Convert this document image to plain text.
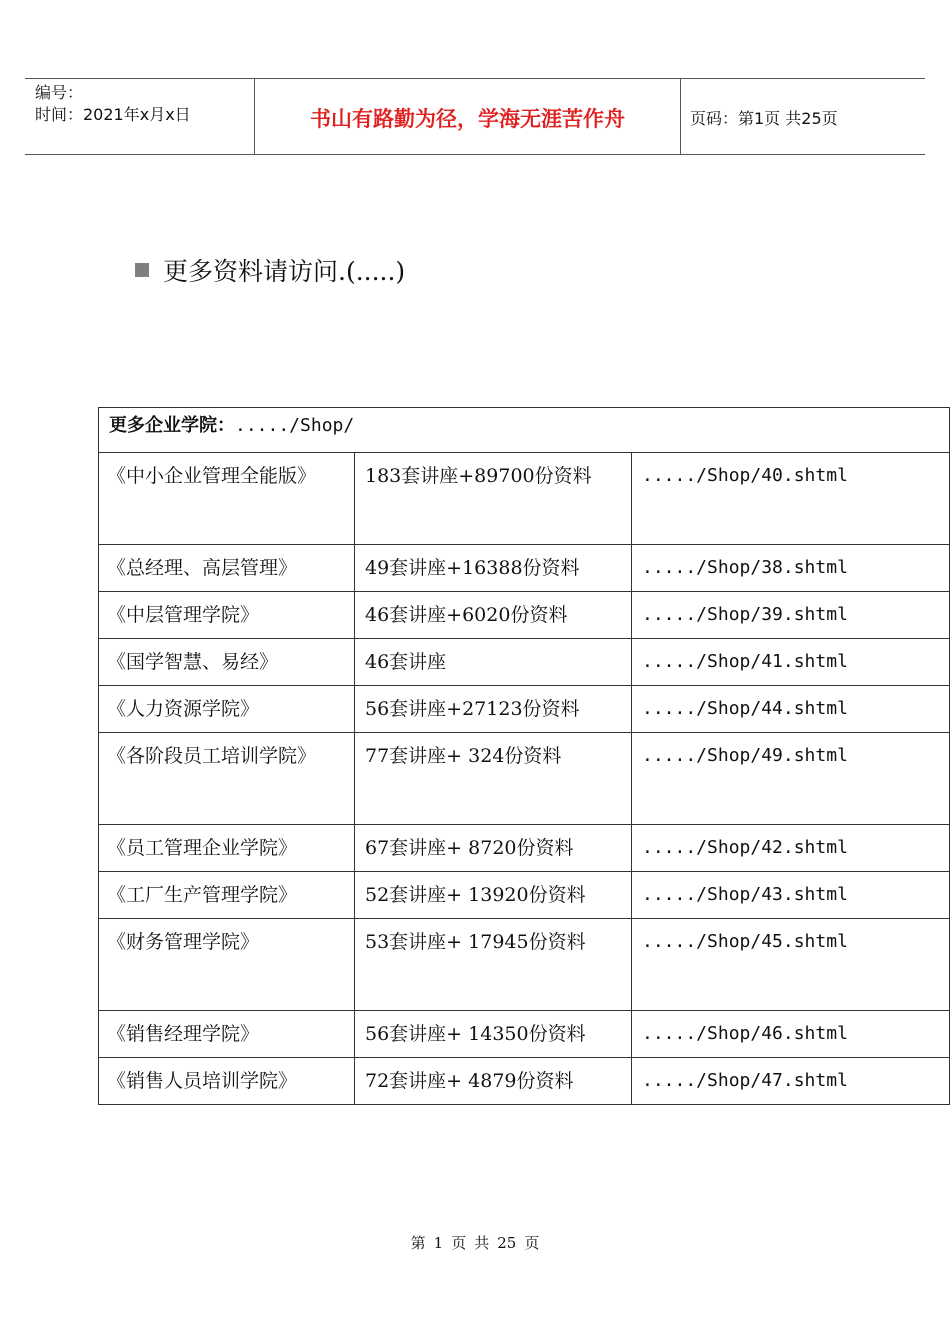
编号：
时间：2021年x月x日	书山有路勤为径，学海无涯苦作舟	页码：第1页 共25页
更多资料请访问.(.....)
更多企业学院：...../Shop/		
《中小企业管理全能版》	183套讲座+89700份资料	...../Shop/40.shtml
《总经理、高层管理》	49套讲座+16388份资料	...../Shop/38.shtml
《中层管理学院》	46套讲座+6020份资料	...../Shop/39.shtml
《国学智慧、易经》	46套讲座	...../Shop/41.shtml
《人力资源学院》	56套讲座+27123份资料	...../Shop/44.shtml
《各阶段员工培训学院》	77套讲座+ 324份资料	...../Shop/49.shtml
《员工管理企业学院》	67套讲座+ 8720份资料	...../Shop/42.shtml
《工厂生产管理学院》	52套讲座+ 13920份资料	...../Shop/43.shtml
《财务管理学院》	53套讲座+ 17945份资料	...../Shop/45.shtml
《销售经理学院》	56套讲座+ 14350份资料	...../Shop/46.shtml
《销售人员培训学院》	72套讲座+ 4879份资料	...../Shop/47.shtml
第 1 页 共 25 页
